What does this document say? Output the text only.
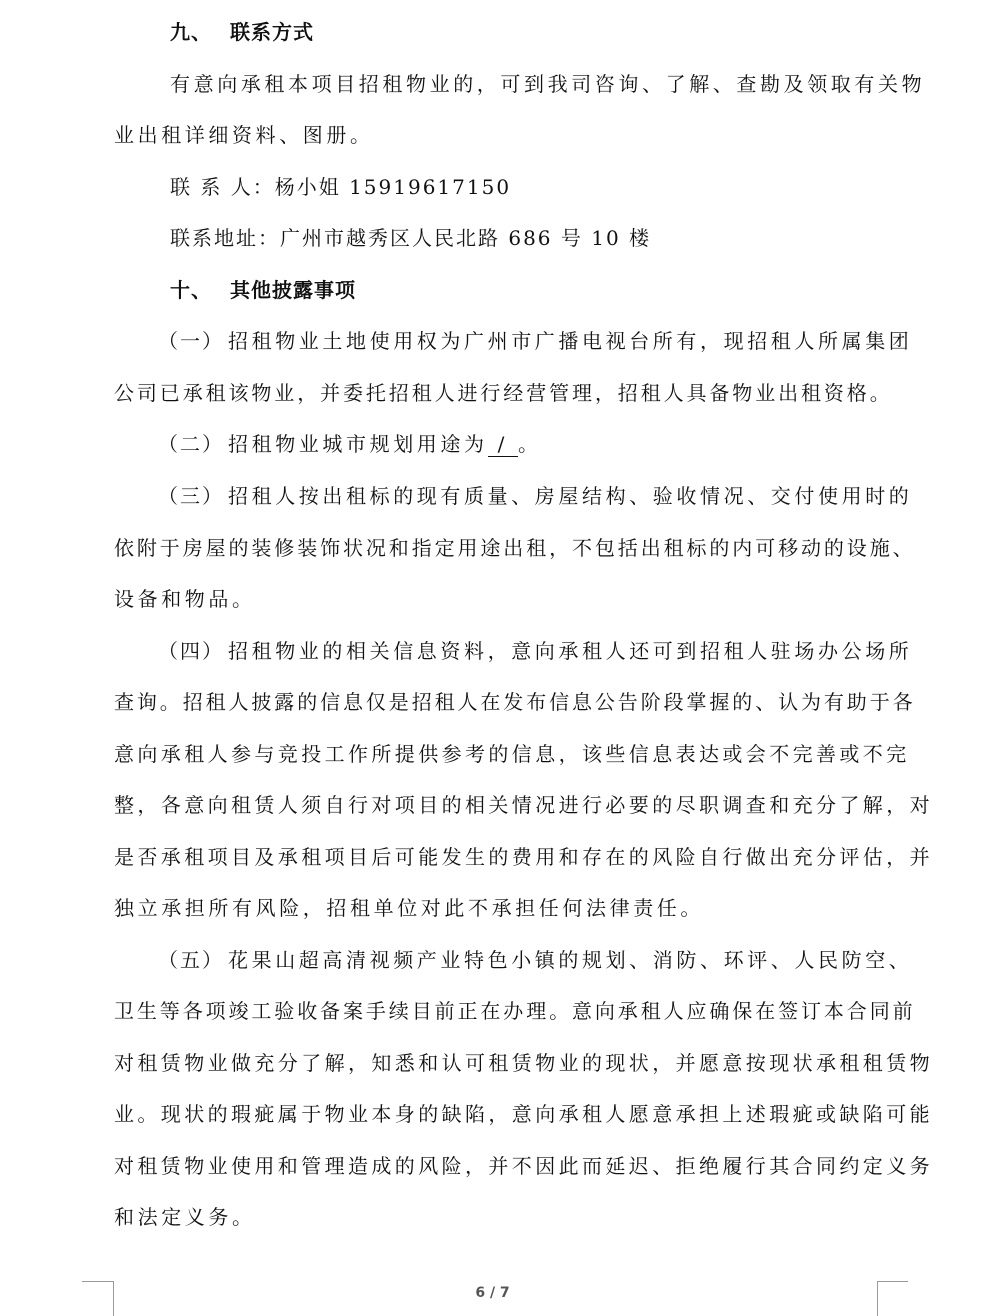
九、 联系方式
有意向承租本项目招租物业的，可到我司咨询、了解、查勘及领取有关物
业出租详细资料、图册。
联 系 人：杨小姐 15919617150
联系地址：广州市越秀区人民北路 686 号 10 楼
十、 其他披露事项
（一） 招租物业土地使用权为广州市广播电视台所有，现招租人所属集团
公司已承租该物业，并委托招租人进行经营管理，招租人具备物业出租资格。
（二） 招租物业城市规划用途为 / 。
（三） 招租人按出租标的现有质量、房屋结构、验收情况、交付使用时的
依附于房屋的装修装饰状况和指定用途出租，不包括出租标的内可移动的设施、
设备和物品。
（四） 招租物业的相关信息资料，意向承租人还可到招租人驻场办公场所
查询。招租人披露的信息仅是招租人在发布信息公告阶段掌握的、认为有助于各
意向承租人参与竞投工作所提供参考的信息，该些信息表达或会不完善或不完
整，各意向租赁人须自行对项目的相关情况进行必要的尽职调查和充分了解，对
是否承租项目及承租项目后可能发生的费用和存在的风险自行做出充分评估，并
独立承担所有风险，招租单位对此不承担任何法律责任。
（五） 花果山超高清视频产业特色小镇的规划、消防、环评、人民防空、
卫生等各项竣工验收备案手续目前正在办理。意向承租人应确保在签订本合同前
对租赁物业做充分了解，知悉和认可租赁物业的现状，并愿意按现状承租租赁物
业。现状的瑕疵属于物业本身的缺陷，意向承租人愿意承担上述瑕疵或缺陷可能
对租赁物业使用和管理造成的风险，并不因此而延迟、拒绝履行其合同约定义务
和法定义务。
6 / 7
